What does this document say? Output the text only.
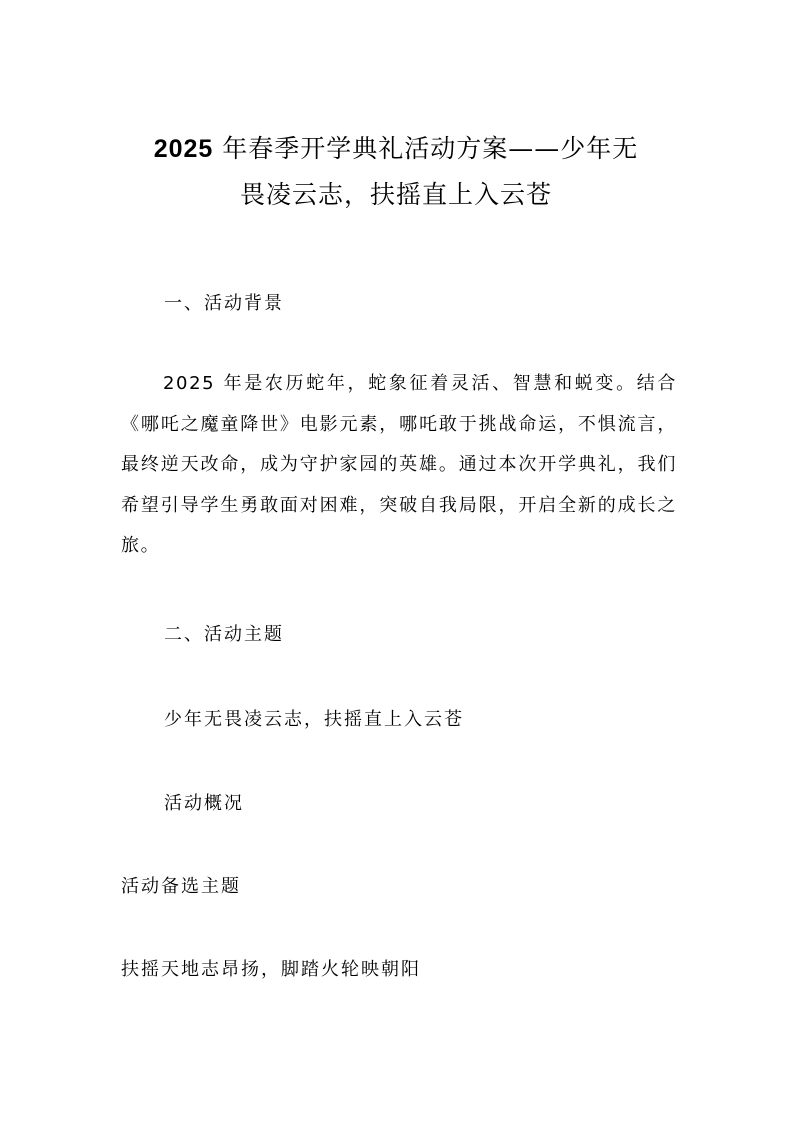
2025 年春季开学典礼活动方案——少年无
畏凌云志，扶摇直上入云苍
一、活动背景

2025 年是农历蛇年，蛇象征着灵活、智慧和蜕变。结合《哪吒之魔童降世》电影元素，哪吒敢于挑战命运，不惧流言，最终逆天改命，成为守护家园的英雄。通过本次开学典礼，我们希望引导学生勇敢面对困难，突破自我局限，开启全新的成长之旅。

二、活动主题

少年无畏凌云志，扶摇直上入云苍

活动概况

活动备选主题

扶摇天地志昂扬，脚踏火轮映朝阳
